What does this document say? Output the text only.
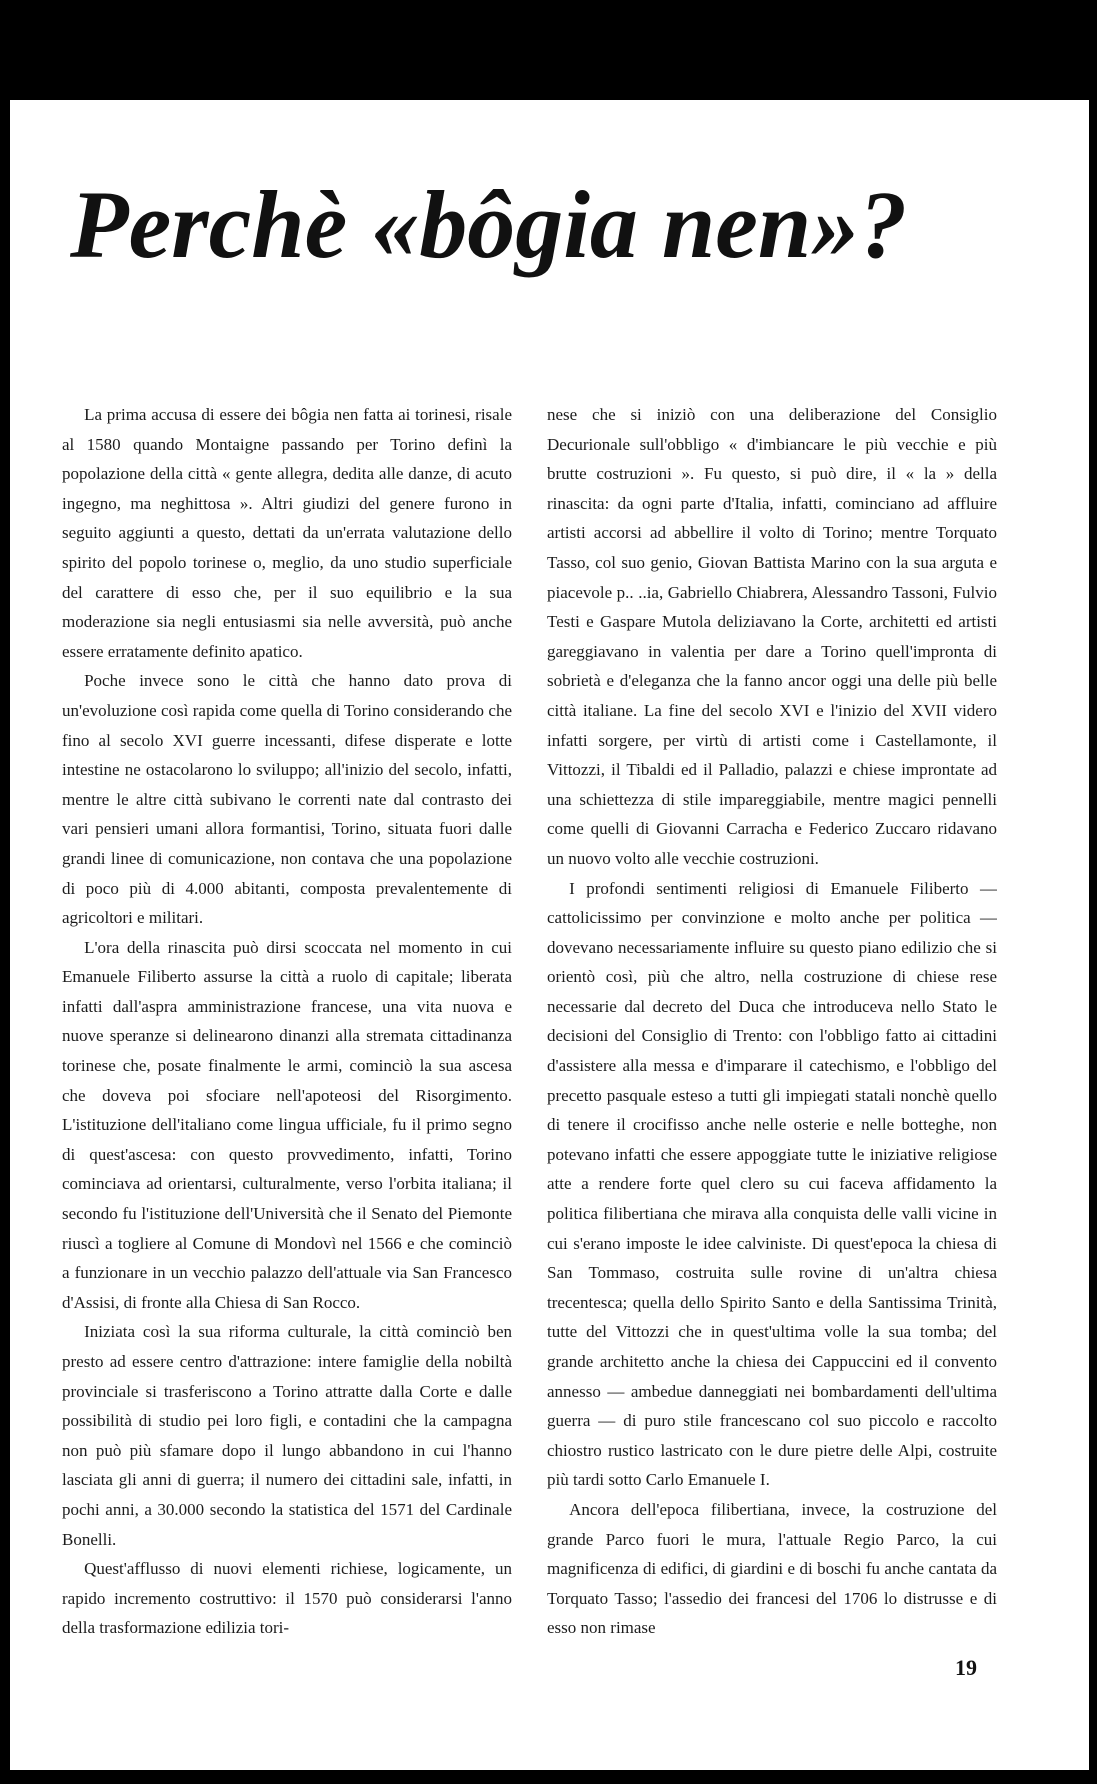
Perchè «bôgia nen»?

La prima accusa di essere dei bôgia nen fatta ai torinesi, risale al 1580 quando Montaigne passando per Torino definì la popolazione della città « gente allegra, dedita alle danze, di acuto ingegno, ma neghittosa ». Altri giudizi del genere furono in seguito aggiunti a questo, dettati da un'errata valutazione dello spirito del popolo torinese o, meglio, da uno studio superficiale del carattere di esso che, per il suo equilibrio e la sua moderazione sia negli entusiasmi sia nelle avversità, può anche essere erratamente definito apatico.

Poche invece sono le città che hanno dato prova di un'evoluzione così rapida come quella di Torino considerando che fino al secolo XVI guerre incessanti, difese disperate e lotte intestine ne ostacolarono lo sviluppo; all'inizio del secolo, infatti, mentre le altre città subivano le correnti nate dal contrasto dei vari pensieri umani allora formantisi, Torino, situata fuori dalle grandi linee di comunicazione, non contava che una popolazione di poco più di 4.000 abitanti, composta prevalentemente di agricoltori e militari.

L'ora della rinascita può dirsi scoccata nel momento in cui Emanuele Filiberto assurse la città a ruolo di capitale; liberata infatti dall'aspra amministrazione francese, una vita nuova e nuove speranze si delinearono dinanzi alla stremata cittadinanza torinese che, posate finalmente le armi, cominciò la sua ascesa che doveva poi sfociare nell'apoteosi del Risorgimento. L'istituzione dell'italiano come lingua ufficiale, fu il primo segno di quest'ascesa: con questo provvedimento, infatti, Torino cominciava ad orientarsi, culturalmente, verso l'orbita italiana; il secondo fu l'istituzione dell'Università che il Senato del Piemonte riuscì a togliere al Comune di Mondovì nel 1566 e che cominciò a funzionare in un vecchio palazzo dell'attuale via San Francesco d'Assisi, di fronte alla Chiesa di San Rocco.

Iniziata così la sua riforma culturale, la città cominciò ben presto ad essere centro d'attrazione: intere famiglie della nobiltà provinciale si trasferiscono a Torino attratte dalla Corte e dalle possibilità di studio pei loro figli, e contadini che la campagna non può più sfamare dopo il lungo abbandono in cui l'hanno lasciata gli anni di guerra; il numero dei cittadini sale, infatti, in pochi anni, a 30.000 secondo la statistica del 1571 del Cardinale Bonelli.

Quest'afflusso di nuovi elementi richiese, logicamente, un rapido incremento costruttivo: il 1570 può considerarsi l'anno della trasformazione edilizia tori-

nese che si iniziò con una deliberazione del Consiglio Decurionale sull'obbligo « d'imbiancare le più vecchie e più brutte costruzioni ». Fu questo, si può dire, il « la » della rinascita: da ogni parte d'Italia, infatti, cominciano ad affluire artisti accorsi ad abbellire il volto di Torino; mentre Torquato Tasso, col suo genio, Giovan Battista Marino con la sua arguta e piacevole p.. ..ia, Gabriello Chiabrera, Alessandro Tassoni, Fulvio Testi e Gaspare Mutola deliziavano la Corte, architetti ed artisti gareggiavano in valentia per dare a Torino quell'impronta di sobrietà e d'eleganza che la fanno ancor oggi una delle più belle città italiane. La fine del secolo XVI e l'inizio del XVII videro infatti sorgere, per virtù di artisti come i Castellamonte, il Vittozzi, il Tibaldi ed il Palladio, palazzi e chiese improntate ad una schiettezza di stile impareggiabile, mentre magici pennelli come quelli di Giovanni Carracha e Federico Zuccaro ridavano un nuovo volto alle vecchie costruzioni.

I profondi sentimenti religiosi di Emanuele Filiberto — cattolicissimo per convinzione e molto anche per politica — dovevano necessariamente influire su questo piano edilizio che si orientò così, più che altro, nella costruzione di chiese rese necessarie dal decreto del Duca che introduceva nello Stato le decisioni del Consiglio di Trento: con l'obbligo fatto ai cittadini d'assistere alla messa e d'imparare il catechismo, e l'obbligo del precetto pasquale esteso a tutti gli impiegati statali nonchè quello di tenere il crocifisso anche nelle osterie e nelle botteghe, non potevano infatti che essere appoggiate tutte le iniziative religiose atte a rendere forte quel clero su cui faceva affidamento la politica filibertiana che mirava alla conquista delle valli vicine in cui s'erano imposte le idee calviniste. Di quest'epoca la chiesa di San Tommaso, costruita sulle rovine di un'altra chiesa trecentesca; quella dello Spirito Santo e della Santissima Trinità, tutte del Vittozzi che in quest'ultima volle la sua tomba; del grande architetto anche la chiesa dei Cappuccini ed il convento annesso — ambedue danneggiati nei bombardamenti dell'ultima guerra — di puro stile francescano col suo piccolo e raccolto chiostro rustico lastricato con le dure pietre delle Alpi, costruite più tardi sotto Carlo Emanuele I.

Ancora dell'epoca filibertiana, invece, la costruzione del grande Parco fuori le mura, l'attuale Regio Parco, la cui magnificenza di edifici, di giardini e di boschi fu anche cantata da Torquato Tasso; l'assedio dei francesi del 1706 lo distrusse e di esso non rimase

19
